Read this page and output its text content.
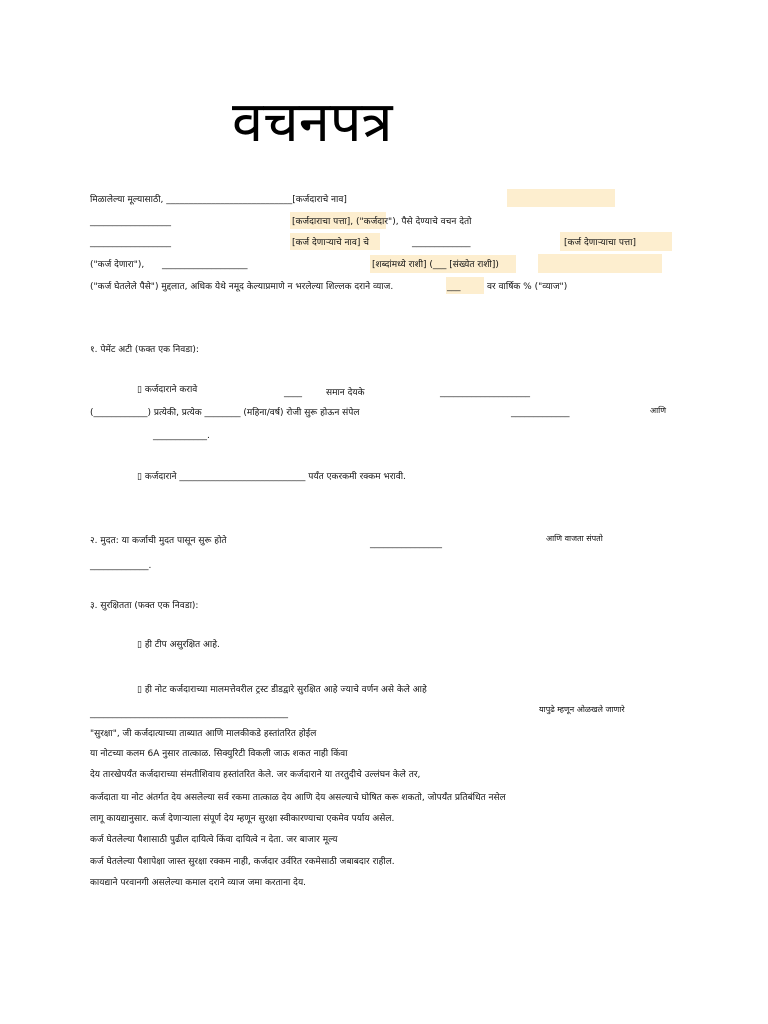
वचनपत्र
मिळालेल्या मूल्यासाठी, ____________________________[कर्जदाराचे नाव]
__________________	[कर्जदाराचा पत्ता], ("कर्जदार"), पैसे देण्याचे वचन देतो
__________________	[कर्ज देणाऱ्याचे नाव] चे	_____________	[कर्ज देणाऱ्याचा पत्ता]
("कर्ज देणारा"), ___________________	[शब्दांमध्ये राशी] (___ [संख्येत राशी])
("कर्ज घेतलेले पैसे") मुद्दलात, अधिक येथे नमूद केल्याप्रमाणे न भरलेल्या शिल्लक दराने व्याज.	___	वर वार्षिक % ("व्याज")
१. पेमेंट अटी (फक्त एक निवडा):
▯ कर्जदाराने करावे	____	समान देयके	____________________
(____________) प्रत्येकी, प्रत्येक ________ (महिना/वर्ष) रोजी सुरू होऊन संपेल	_____________	आणि
____________.
▯ कर्जदाराने ____________________________ पर्यंत एकरकमी रक्कम भरावी.
२. मुदत: या कर्जाची मुदत पासून सुरू होते	________________
आणि वाजता संपतो
_____________.
३. सुरक्षितता (फक्त एक निवडा):
▯ ही टीप असुरक्षित आहे.
▯ ही नोट कर्जदाराच्या मालमत्तेवरील ट्रस्ट डीडद्वारे सुरक्षित आहे ज्याचे वर्णन असे केले आहे
____________________________________________	यापुढे म्हणून ओळखले जाणारे
"सुरक्षा", जी कर्जदात्याच्या ताब्यात आणि मालकीकडे हस्तांतरित होईल
या नोटच्या कलम 6A नुसार तात्काळ. सिक्युरिटी विकली जाऊ शकत नाही किंवा
देय तारखेपर्यंत कर्जदाराच्या संमतीशिवाय हस्तांतरित केले. जर कर्जदाराने या तरतुदीचे उल्लंघन केले तर,
कर्जदाता या नोट अंतर्गत देय असलेल्या सर्व रकमा तात्काळ देय आणि देय असल्याचे घोषित करू शकतो, जोपर्यंत प्रतिबंधित नसेल
लागू कायद्यानुसार. कर्ज देणाऱ्याला संपूर्ण देय म्हणून सुरक्षा स्वीकारण्याचा एकमेव पर्याय असेल.
कर्ज घेतलेल्या पैशासाठी पुढील दायित्वे किंवा दायित्वे न देता. जर बाजार मूल्य
कर्ज घेतलेल्या पैशापेक्षा जास्त सुरक्षा रक्कम नाही, कर्जदार उर्वरित रकमेसाठी जबाबदार राहील.
कायद्याने परवानगी असलेल्या कमाल दराने व्याज जमा करताना देय.
